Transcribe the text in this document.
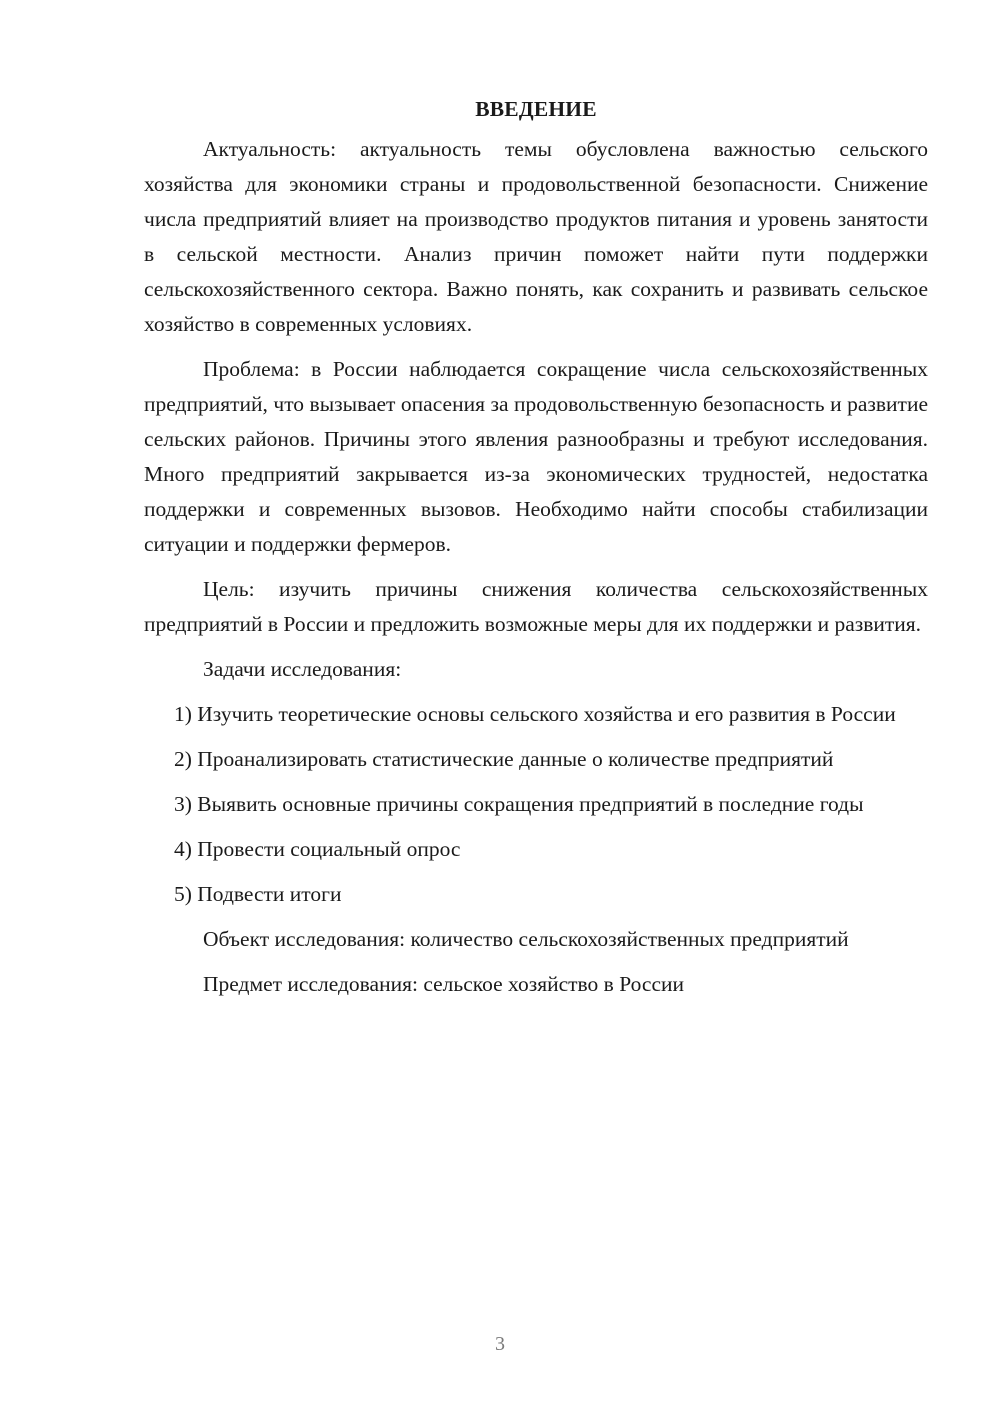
ВВЕДЕНИЕ

Актуальность: актуальность темы обусловлена важностью сельского хозяйства для экономики страны и продовольственной безопасности. Снижение числа предприятий влияет на производство продуктов питания и уровень занятости в сельской местности. Анализ причин поможет найти пути поддержки сельскохозяйственного сектора. Важно понять, как сохранить и развивать сельское хозяйство в современных условиях.

Проблема: в России наблюдается сокращение числа сельскохозяйственных предприятий, что вызывает опасения за продовольственную безопасность и развитие сельских районов. Причины этого явления разнообразны и требуют исследования. Много предприятий закрывается из-за экономических трудностей, недостатка поддержки и современных вызовов. Необходимо найти способы стабилизации ситуации и поддержки фермеров.

Цель: изучить причины снижения количества сельскохозяйственных предприятий в России и предложить возможные меры для их поддержки и развития.

Задачи исследования:

1) Изучить теоретические основы сельского хозяйства и его развития в России

2) Проанализировать статистические данные о количестве предприятий

3) Выявить основные причины сокращения предприятий в последние годы

4) Провести социальный опрос

5) Подвести итоги

Объект исследования: количество сельскохозяйственных предприятий

Предмет исследования: сельское хозяйство в России

3
